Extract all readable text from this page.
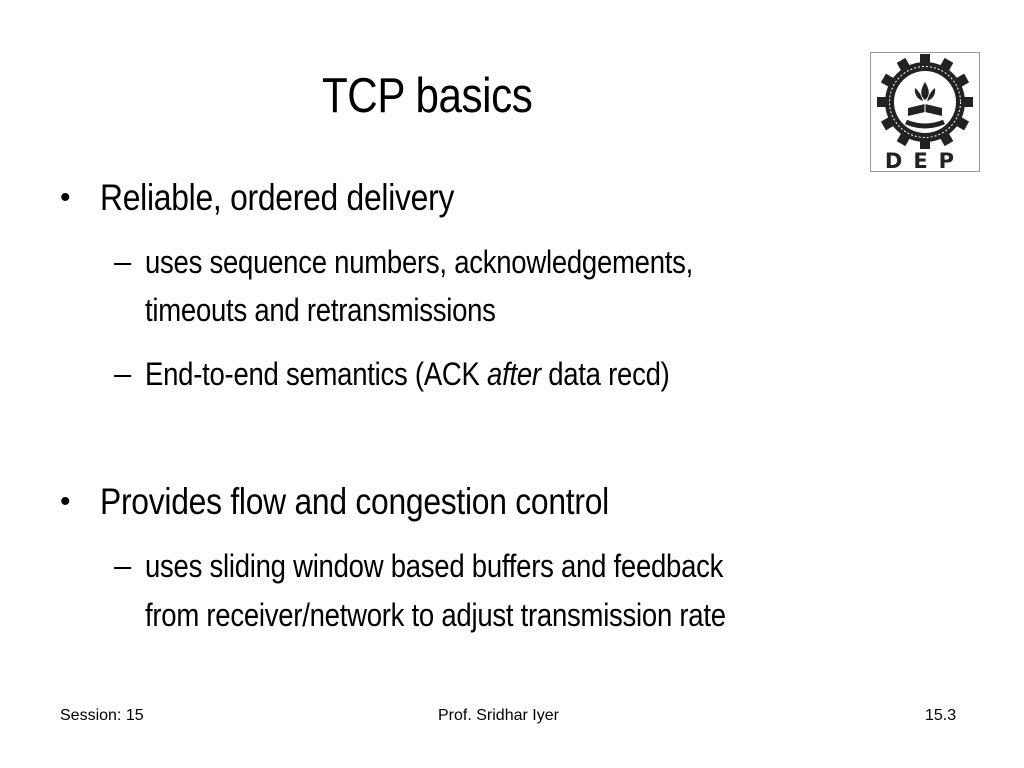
TCP basics
DEP
• Reliable, ordered delivery
– uses sequence numbers, acknowledgements,
timeouts and retransmissions
– End-to-end semantics (ACK after data recd)
• Provides flow and congestion control
– uses sliding window based buffers and feedback
from receiver/network to adjust transmission rate
Session: 15	Prof. Sridhar Iyer	15.3
